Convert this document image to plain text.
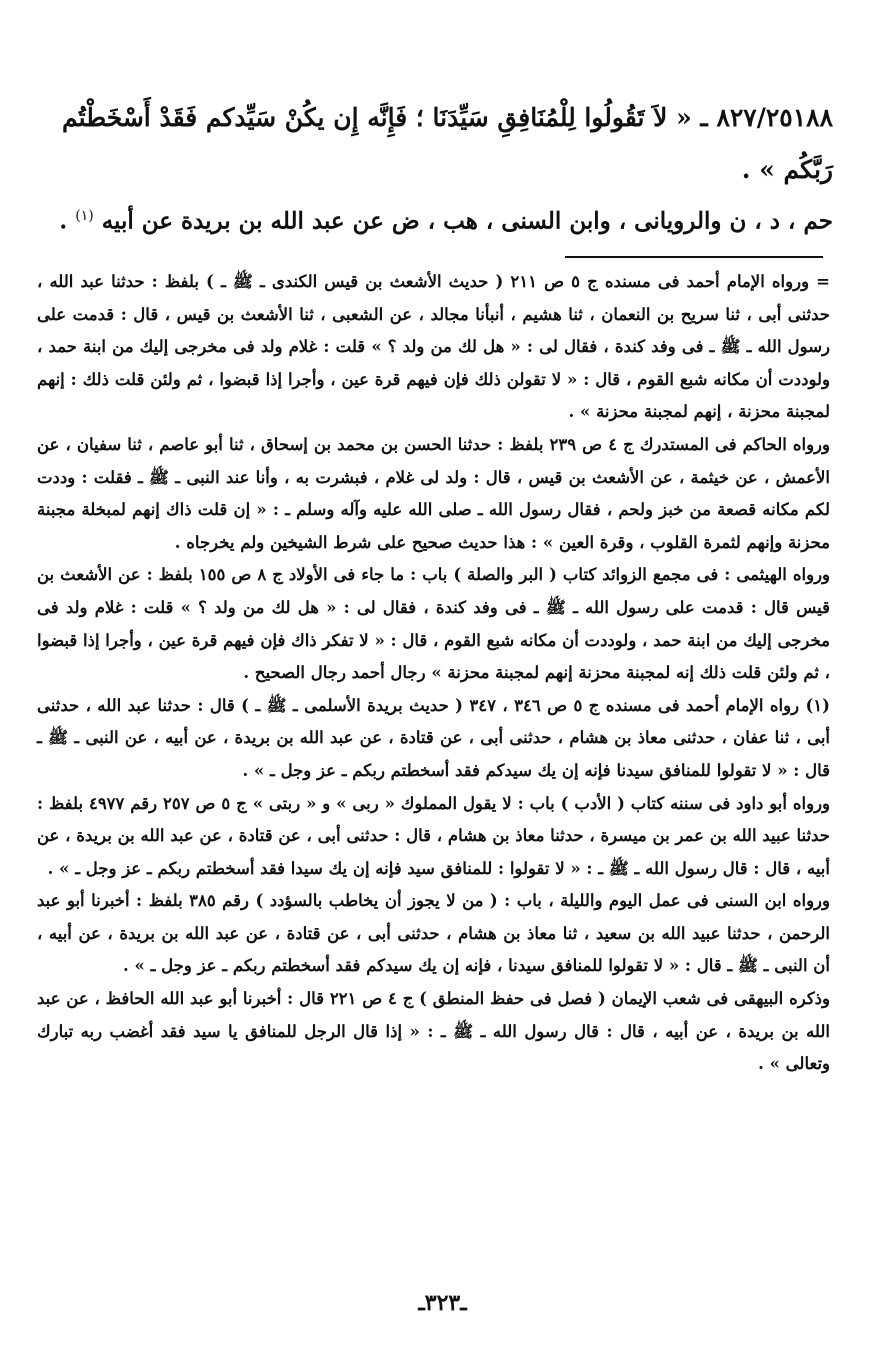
٨٢٧/٢٥١٨٨ ـ « لاَ تَقُولُوا لِلْمُنَافِقِ سَيِّدَنَا ؛ فَإِنَّه إِن يكُنْ سَيِّدكم فَقَدْ أَسْخَطْتُم
رَبَّكُم » .
حم ، د ، ن والرويانى ، وابن السنى ، هب ، ض عن عبد الله بن بريدة عن أبيه $^{(١)}$ .

= ورواه الإمام أحمد فى مسنده ج ٥ ص ٢١١ ( حديث الأشعث بن قيس الكندى ـ ﷺ ـ ) بلفظ : حدثنا عبد الله ، حدثنى أبى ، ثنا سريح بن النعمان ، ثنا هشيم ، أنبأنا مجالد ، عن الشعبى ، ثنا الأشعث بن قيس ، قال : قدمت على رسول الله ـ ﷺ ـ فى وفد كندة ، فقال لى : « هل لك من ولد ؟ » قلت : غلام ولد فى مخرجى إليك من ابنة حمد ، ولوددت أن مكانه شبع القوم ، قال : « لا تقولن ذلك فإن فيهم قرة عين ، وأجرا إذا قبضوا ، ثم ولئن قلت ذلك : إنهم لمجبنة محزنة ، إنهم لمجبنة محزنة » .

ورواه الحاكم فى المستدرك ج ٤ ص ٢٣٩ بلفظ : حدثنا الحسن بن محمد بن إسحاق ، ثنا أبو عاصم ، ثنا سفيان ، عن الأعمش ، عن خيثمة ، عن الأشعث بن قيس ، قال : ولد لى غلام ، فبشرت به ، وأنا عند النبى ـ ﷺ ـ فقلت : وددت لكم مكانه قصعة من خبز ولحم ، فقال رسول الله ـ صلى الله عليه وآله وسلم ـ : « إن قلت ذاك إنهم لمبخلة مجبنة محزنة وإنهم لثمرة القلوب ، وقرة العين » : هذا حديث صحيح على شرط الشيخين ولم يخرجاه .

ورواه الهيثمى : فى مجمع الزوائد كتاب ( البر والصلة ) باب : ما جاء فى الأولاد ج ٨ ص ١٥٥ بلفظ : عن الأشعث بن قيس قال : قدمت على رسول الله ـ ﷺ ـ فى وفد كندة ، فقال لى : « هل لك من ولد ؟ » قلت : غلام ولد فى مخرجى إليك من ابنة حمد ، ولوددت أن مكانه شبع القوم ، قال : « لا تفكر ذاك فإن فيهم قرة عين ، وأجرا إذا قبضوا ، ثم ولئن قلت ذلك إنه لمجبنة محزنة إنهم لمجبنة محزنة » رجال أحمد رجال الصحيح .

(١) رواه الإمام أحمد فى مسنده ج ٥ ص ٣٤٦ ، ٣٤٧ ( حديث بريدة الأسلمى ـ ﷺ ـ ) قال : حدثنا عبد الله ، حدثنى أبى ، ثنا عفان ، حدثنى معاذ بن هشام ، حدثنى أبى ، عن قتادة ، عن عبد الله بن بريدة ، عن أبيه ، عن النبى ـ ﷺ ـ قال : « لا تقولوا للمنافق سيدنا فإنه إن يك سيدكم فقد أسخطتم ربكم ـ عز وجل ـ » .

ورواه أبو داود فى سننه كتاب ( الأدب ) باب : لا يقول المملوك « ربى » و « ربتى » ج ٥ ص ٢٥٧ رقم ٤٩٧٧ بلفظ : حدثنا عبيد الله بن عمر بن ميسرة ، حدثنا معاذ بن هشام ، قال : حدثنى أبى ، عن قتادة ، عن عبد الله بن بريدة ، عن أبيه ، قال : قال رسول الله ـ ﷺ ـ : « لا تقولوا : للمنافق سيد فإنه إن يك سيدا فقد أسخطتم ربكم ـ عز وجل ـ » .

ورواه ابن السنى فى عمل اليوم والليلة ، باب : ( من لا يجوز أن يخاطب بالسؤدد ) رقم ٣٨٥ بلفظ : أخبرنا أبو عبد الرحمن ، حدثنا عبيد الله بن سعيد ، ثنا معاذ بن هشام ، حدثنى أبى ، عن قتادة ، عن عبد الله بن بريدة ، عن أبيه ، أن النبى ـ ﷺ ـ قال : « لا تقولوا للمنافق سيدنا ، فإنه إن يك سيدكم فقد أسخطتم ربكم ـ عز وجل ـ » .

وذكره البيهقى فى شعب الإيمان ( فصل فى حفظ المنطق ) ج ٤ ص ٢٢١ قال : أخبرنا أبو عبد الله الحافظ ، عن عبد الله بن بريدة ، عن أبيه ، قال : قال رسول الله ـ ﷺ ـ : « إذا قال الرجل للمنافق يا سيد فقد أغضب ربه تبارك وتعالى » .

ـ٣٢٣ـ
